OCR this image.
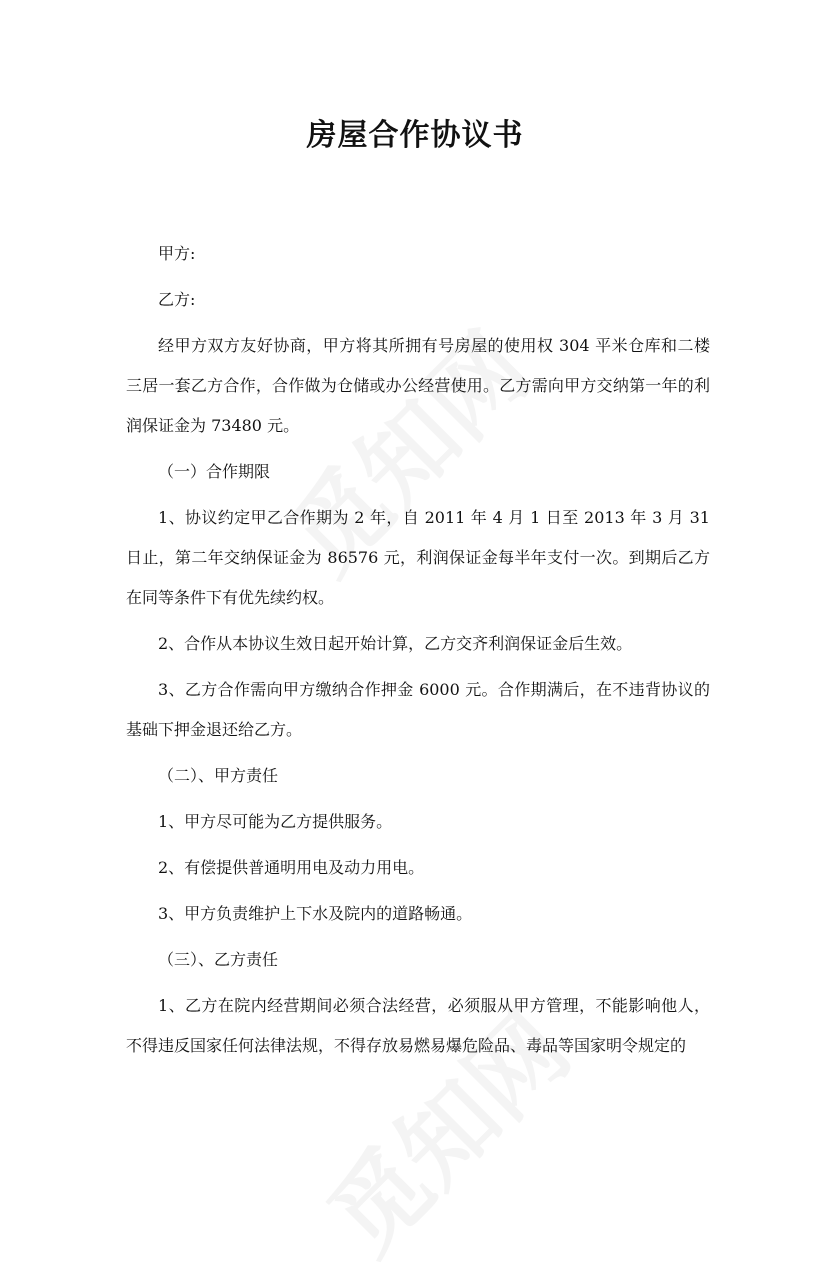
房屋合作协议书

甲方:

乙方:

经甲方双方友好协商，甲方将其所拥有号房屋的使用权 304 平米仓库和二楼三居一套乙方合作，合作做为仓储或办公经营使用。乙方需向甲方交纳第一年的利润保证金为 73480 元。

（一）合作期限

1、协议约定甲乙合作期为 2 年，自 2011 年 4 月 1 日至 2013 年 3 月 31 日止，第二年交纳保证金为 86576 元，利润保证金每半年支付一次。到期后乙方在同等条件下有优先续约权。

2、合作从本协议生效日起开始计算，乙方交齐利润保证金后生效。

3、乙方合作需向甲方缴纳合作押金 6000 元。合作期满后，在不违背协议的基础下押金退还给乙方。

（二）、甲方责任

1、甲方尽可能为乙方提供服务。

2、有偿提供普通明用电及动力用电。

3、甲方负责维护上下水及院内的道路畅通。

（三）、乙方责任

1、乙方在院内经营期间必须合法经营，必须服从甲方管理，不能影响他人，不得违反国家任何法律法规，不得存放易燃易爆危险品、毒品等国家明令规定的
